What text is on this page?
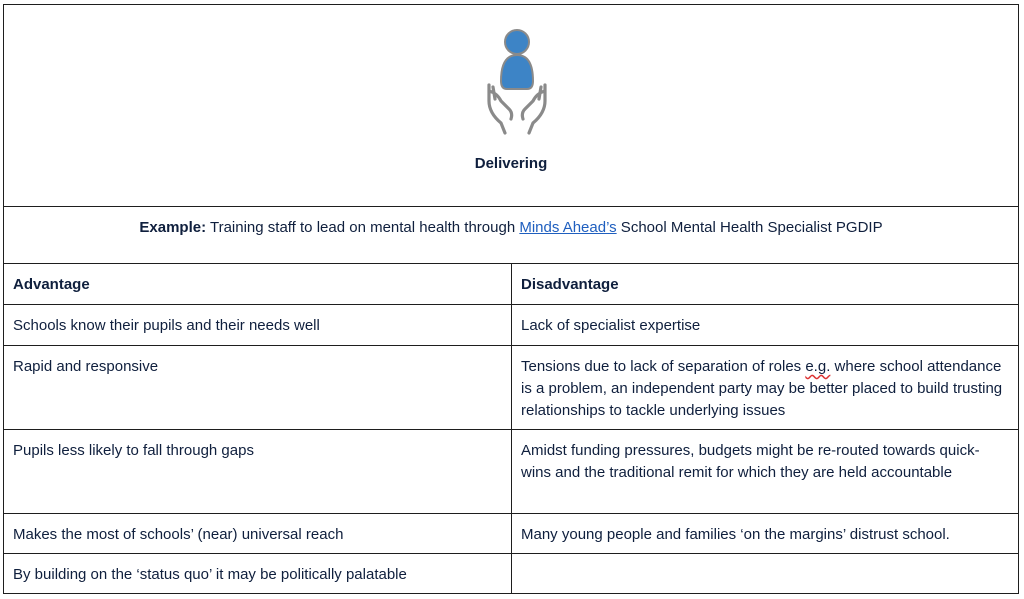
Delivering
Example: Training staff to lead on mental health through Minds Ahead’s School Mental Health Specialist PGDIP
Advantage	Disadvantage
Schools know their pupils and their needs well	Lack of specialist expertise
Rapid and responsive	Tensions due to lack of separation of roles e.g. where school attendance is a problem, an independent party may be better placed to build trusting relationships to tackle underlying issues
Pupils less likely to fall through gaps	Amidst funding pressures, budgets might be re-routed towards quick-wins and the traditional remit for which they are held accountable
Makes the most of schools’ (near) universal reach	Many young people and families ‘on the margins’ distrust school.
By building on the ‘status quo’ it may be politically palatable
